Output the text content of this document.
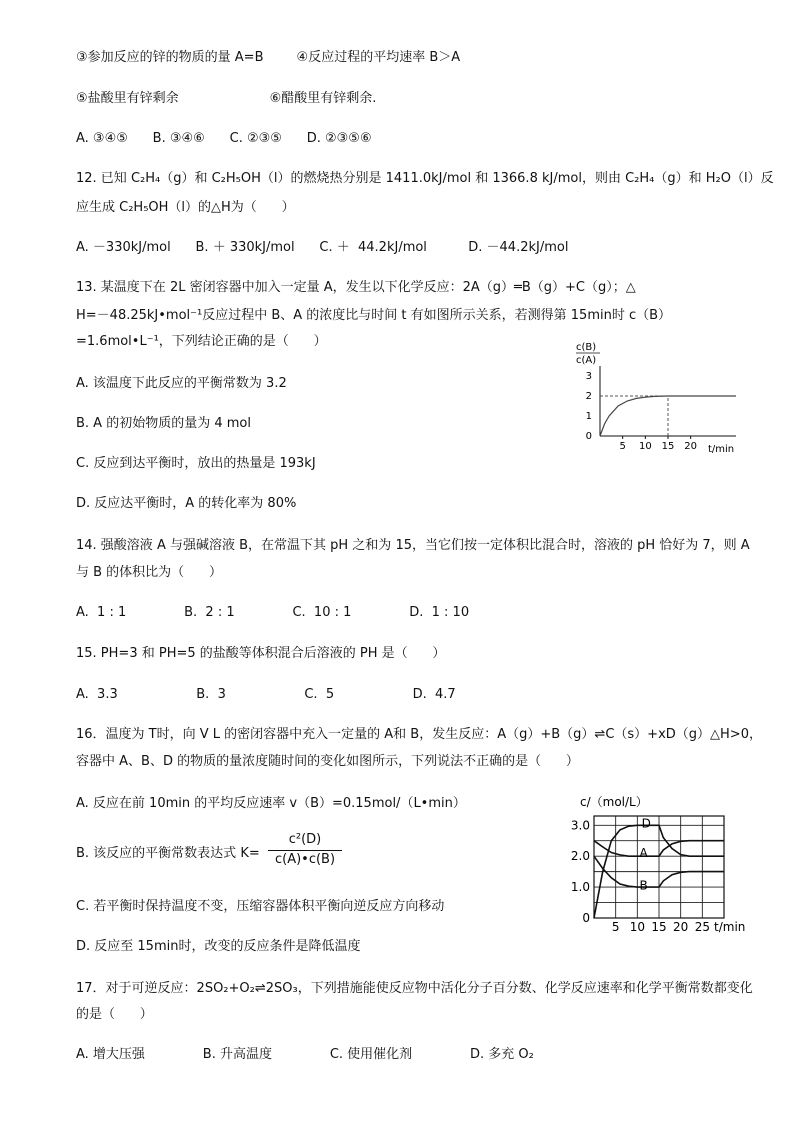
③参加反应的锌的物质的量 A=B        ④反应过程的平均速率 B＞A
⑤盐酸里有锌剩余                      ⑥醋酸里有锌剩余.
A. ③④⑤      B. ③④⑥      C. ②③⑤      D. ②③⑤⑥
12. 已知 C₂H₄（g）和 C₂H₅OH（l）的燃烧热分别是 1411.0kJ/mol 和 1366.8 kJ/mol，则由 C₂H₄（g）和 H₂O（l）反
应生成 C₂H₅OH（l）的△H为（      ）
A. －330kJ/mol      B. ＋ 330kJ/mol      C. ＋  44.2kJ/mol          D. －44.2kJ/mol
13. 某温度下在 2L 密闭容器中加入一定量 A，发生以下化学反应：2A（g）═B（g）+C（g）；△
H=－48.25kJ•mol⁻¹反应过程中 B、A 的浓度比与时间 t 有如图所示关系，若测得第 15min时 c（B）
=1.6mol•L⁻¹，下列结论正确的是（      ）
A. 该温度下此反应的平衡常数为 3.2
B. A 的初始物质的量为 4 mol
C. 反应到达平衡时，放出的热量是 193kJ
D. 反应达平衡时，A 的转化率为 80%
c(B)
c(A)
t/min
0
1
2
3
5 10 15 20
14. 强酸溶液 A 与强碱溶液 B，在常温下其 pH 之和为 15，当它们按一定体积比混合时，溶液的 pH 恰好为 7，则 A
与 B 的体积比为（      ）
A.  1 : 1              B.  2 : 1              C.  10 : 1              D.  1 : 10
15. PH=3 和 PH=5 的盐酸等体积混合后溶液的 PH 是（      ）
A.  3.3                   B.  3                   C.  5                   D.  4.7
16．温度为 T时，向 V L 的密闭容器中充入一定量的 A和 B，发生反应：A（g）+B（g）⇌C（s）+xD（g）△H>0，
容器中 A、B、D 的物质的量浓度随时间的变化如图所示，下列说法不正确的是（      ）
A. 反应在前 10min 的平均反应速率 v（B）=0.15mol/（L•min）
B. 该反应的平衡常数表达式 K=
c²(D)
c(A)•c(B)
C. 若平衡时保持温度不变，压缩容器体积平衡向逆反应方向移动
D. 反应至 15min时，改变的反应条件是降低温度
c/（mol/L）
t/min
0
1.0
2.0
3.0
5 10 15 20 25
D
A
B
17．对于可逆反应：2SO₂+O₂⇌2SO₃，下列措施能使反应物中活化分子百分数、化学反应速率和化学平衡常数都变化
的是（      ）
A. 增大压强              B. 升高温度              C. 使用催化剂              D. 多充 O₂
